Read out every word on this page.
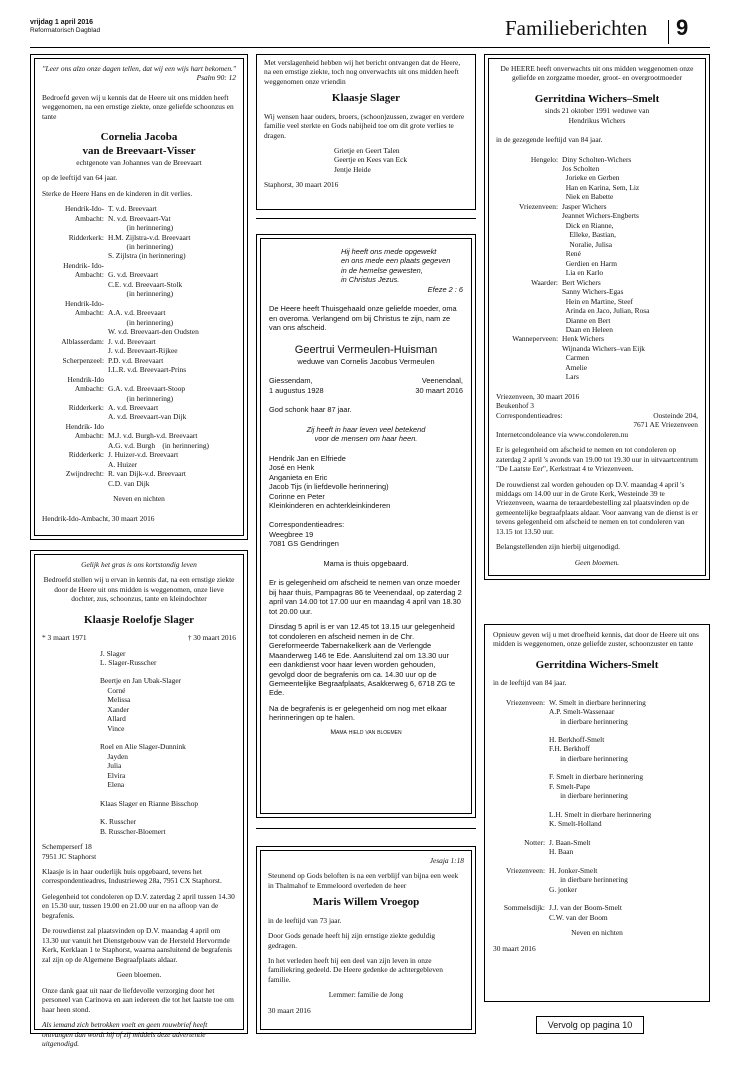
vrijdag 1 april 2016
Reformatorisch Dagblad	Familieberichten 9
"Leer ons alzo onze dagen tellen, dat wij een wijs hart bekomen."
Psalm 90: 12
Bedroefd geven wij u kennis dat de Heere uit ons midden heeft weggenomen, na een ernstige ziekte, onze geliefde schoonzus en tante
Cornelia Jacoba
van de Breevaart-Visser
echtgenote van Johannes van de Breevaart
op de leeftijd van 64 jaar.
Sterke de Heere Hans en de kinderen in dit verlies.
Hendrik-Ido- T. v.d. Breevaart
Ambacht: N. v.d. Breevaart-Vat
(in herinnering)
Ridderkerk: H.M. Zijlstra-v.d. Breevaart
(in herinnering)
S. Zijlstra (in herinnering)
Hendrik- Ido-
Ambacht: G. v.d. Breevaart
C.E. v.d. Breevaart-Stolk
(in herinnering)
Hendrik-Ido-
Ambacht: A.A. v.d. Breevaart
(in herinnering)
W. v.d. Breevaart-den Oudsten
Alblasserdam: J. v.d. Breevaart
J. v.d. Breevaart-Rijkee
Scherpenzeel: P.D. v.d. Breevaart
I.L.R. v.d. Breevaart-Prins
Hendrik-Ido
Ambacht: G.A. v.d. Breevaart-Stoop
(in herinnering)
Ridderkerk: A. v.d. Breevaart
A. v.d. Breevaart-van Dijk
Hendrik- Ido
Ambacht: M.J. v.d. Burgh-v.d. Breevaart
A.G. v.d. Burgh    (in herinnering)
Ridderkerk: J. Huizer-v.d. Breevaart
A. Huizer
Zwijndrecht: R. van Dijk-v.d. Breevaart
C.D. van Dijk
Neven en nichten
Hendrik-Ido-Ambacht, 30 maart 2016
Gelijk het gras is ons kortstondig leven
Bedroefd stellen wij u ervan in kennis dat, na een ernstige ziekte door de Heere uit ons midden is weggenomen, onze lieve dochter, zus, schoonzus, tante en kleindochter
Klaasje Roelofje Slager
* 3 maart 1971	† 30 maart 2016
J. Slager
L. Slager-Russcher
Beertje en Jan Ubak-Slager
Corné
Melissa
Xander
Allard
Vince
Roel en Alie Slager-Dunnink
Jayden
Julia
Elvira
Elena
Klaas Slager en Rianne Bisschop
K. Russcher
B. Russcher-Bloemert
Schemperserf 18
7951 JC Staphorst
Klaasje is in haar ouderlijk huis opgebaard, tevens het correspondentieadres, Industrieweg 28a, 7951 CX Staphorst.
Gelegenheid tot condoleren op D.V. zaterdag 2 april tussen 14.30 en 15.30 uur, tussen 19.00 en 21.00 uur en na afloop van de begrafenis.
De rouwdienst zal plaatsvinden op D.V. maandag 4 april om 13.30 uur vanuit het Dienstgebouw van de Hersteld Hervormde Kerk, Kerklaan 1 te Staphorst, waarna aansluitend de begrafenis zal zijn op de Algemene Begraafplaats aldaar.
Geen bloemen.
Onze dank gaat uit naar de liefdevolle verzorging door het personeel van Carinova en aan iedereen die tot het laatste toe om haar heen stond.
Als iemand zich betrokken voelt en geen rouwbrief heeft ontvangen dan wordt hij of zij middels deze advertentie uitgenodigd.
Met verslagenheid hebben wij het bericht ontvangen dat de Heere, na een ernstige ziekte, toch nog onverwachts uit ons midden heeft weggenomen onze vriendin
Klaasje Slager
Wij wensen haar ouders, broers, (schoon)zussen, zwager en verdere familie veel sterkte en Gods nabijheid toe om dit grote verlies te dragen.
Grietje en Geert Talen
Geertje en Kees van Eck
Jentje Heide
Staphorst, 30 maart 2016
Hij heeft ons mede opgewekt
en ons mede een plaats gegeven
in de hemelse gewesten,
in Christus Jezus.
Efeze 2 : 6
De Heere heeft Thuisgehaald onze geliefde moeder, oma en overoma. Verlangend om bij Christus te zijn, nam ze van ons afscheid.
Geertrui Vermeulen-Huisman
weduwe van Cornelis Jacobus Vermeulen
Giessendam,	Veenendaal,
1 augustus 1928	30 maart 2016
God schonk haar 87 jaar.
Zij heeft in haar leven veel betekend
voor de mensen om haar heen.
Hendrik Jan en Elfriede
José en Henk
Anganieta en Eric
Jacob Tijs (in liefdevolle herinnering)
Corinne en Peter
Kleinkinderen en achterkleinkinderen
Correspondentieadres:
Weegbree 19
7081 GS Gendringen
Mama is thuis opgebaard.
Er is gelegenheid om afscheid te nemen van onze moeder bij haar thuis, Pampagras 86 te Veenendaal, op zaterdag 2 april van 14.00 tot 17.00 uur en maandag 4 april van 18.30 tot 20.00 uur.
Dinsdag 5 april is er van 12.45 tot 13.15 uur gelegenheid tot condoleren en afscheid nemen in de Chr. Gereformeerde Tabernakelkerk aan de Verlengde Maanderweg 146 te Ede. Aansluitend zal om 13.30 uur een dankdienst voor haar leven worden gehouden, gevolgd door de begrafenis om ca. 14.30 uur op de Gemeentelijke Begraafplaats, Asakkerweg 6, 6718 ZG te Ede.
Na de begrafenis is er gelegenheid om nog met elkaar herinneringen op te halen.
Mama hield van bloemen
Jesaja 1:18
Steunend op Gods beloften is na een verblijf van bijna een week in Thalmahof te Emmeloord overleden de heer
Maris Willem Vroegop
in de leeftijd van 73 jaar.
Door Gods genade heeft hij zijn ernstige ziekte geduldig gedragen.
In het verleden heeft hij een deel van zijn leven in onze familiekring gedeeld. De Heere gedenke de achtergebleven familie.
Lemmer: familie de Jong
30 maart 2016
De HEERE heeft onverwachts uit ons midden weggenomen onze geliefde en zorgzame moeder, groot- en overgrootmoeder
Gerritdina Wichers–Smelt
sinds 21 oktober 1991 weduwe van
Hendrikus Wichers
in de gezegende leeftijd van 84 jaar.
Hengelo: Diny Scholten-Wichers
Jos Scholten
Jorieke en Gerben
Han en Karina, Sem, Liz
Niek en Babette
Vriezenveen: Jasper Wichers
Jeannet Wichers-Engberts
Dick en Rianne,
Elleke, Bastian,
Noralie, Julisa
René
Gerdien en Harm
Lia en Karlo
Waarder: Bert Wichers
Sanny Wichers-Egas
Hein en Martine, Steef
Arinda en Jaco, Julian, Rosa
Dianne en Bert
Daan en Heleen
Wanneperveen: Henk Wichers
Wijnanda Wichers–van Eijk
Carmen
Amelie
Lars
Vriezenveen, 30 maart 2016
Beukenhof 3
Correspondentieadres:	Oosteinde 204,
7671 AE Vriezenveen
Internetcondoleance via www.condoleren.nu
Er is gelegenheid om afscheid te nemen en tot condoleren op zaterdag 2 april 's avonds van 19.00 tot 19.30 uur in uitvaartcentrum "De Laatste Eer", Kerkstraat 4 te Vriezenveen.
De rouwdienst zal worden gehouden op D.V. maandag 4 april 's middags om 14.00 uur in de Grote Kerk, Westeinde 39 te Vriezenveen, waarna de teraardebestelling zal plaatsvinden op de gemeentelijke begraafplaats aldaar. Voor aanvang van de dienst is er tevens gelegenheid om afscheid te nemen en tot condoleren van 13.15 tot 13.50 uur.
Belangstellenden zijn hierbij uitgenodigd.
Geen bloemen.
Opnieuw geven wij u met droefheid kennis, dat door de Heere uit ons midden is weggenomen, onze geliefde zuster, schoonzuster en tante
Gerritdina Wichers-Smelt
in de leeftijd van 84 jaar.
Vriezenveen: W. Smelt in dierbare herinnering
A.P. Smelt-Wassenaar
in dierbare herinnering
H. Berkhoff-Smelt
F.H. Berkhoff
in dierbare herinnering
F. Smelt in dierbare herinnering
F. Smelt-Pape
in dierbare herinnering
L.H. Smelt in dierbare herinnering
K. Smelt-Holland
Notter: J. Baan-Smelt
H. Baan
Vriezenveen: H. Jonker-Smelt
in dierbare herinnering
G. jonker
Sommelsdijk: J.J. van der Boom-Smelt
C.W. van der Boom
Neven en nichten
30 maart 2016
Vervolg op pagina 10
